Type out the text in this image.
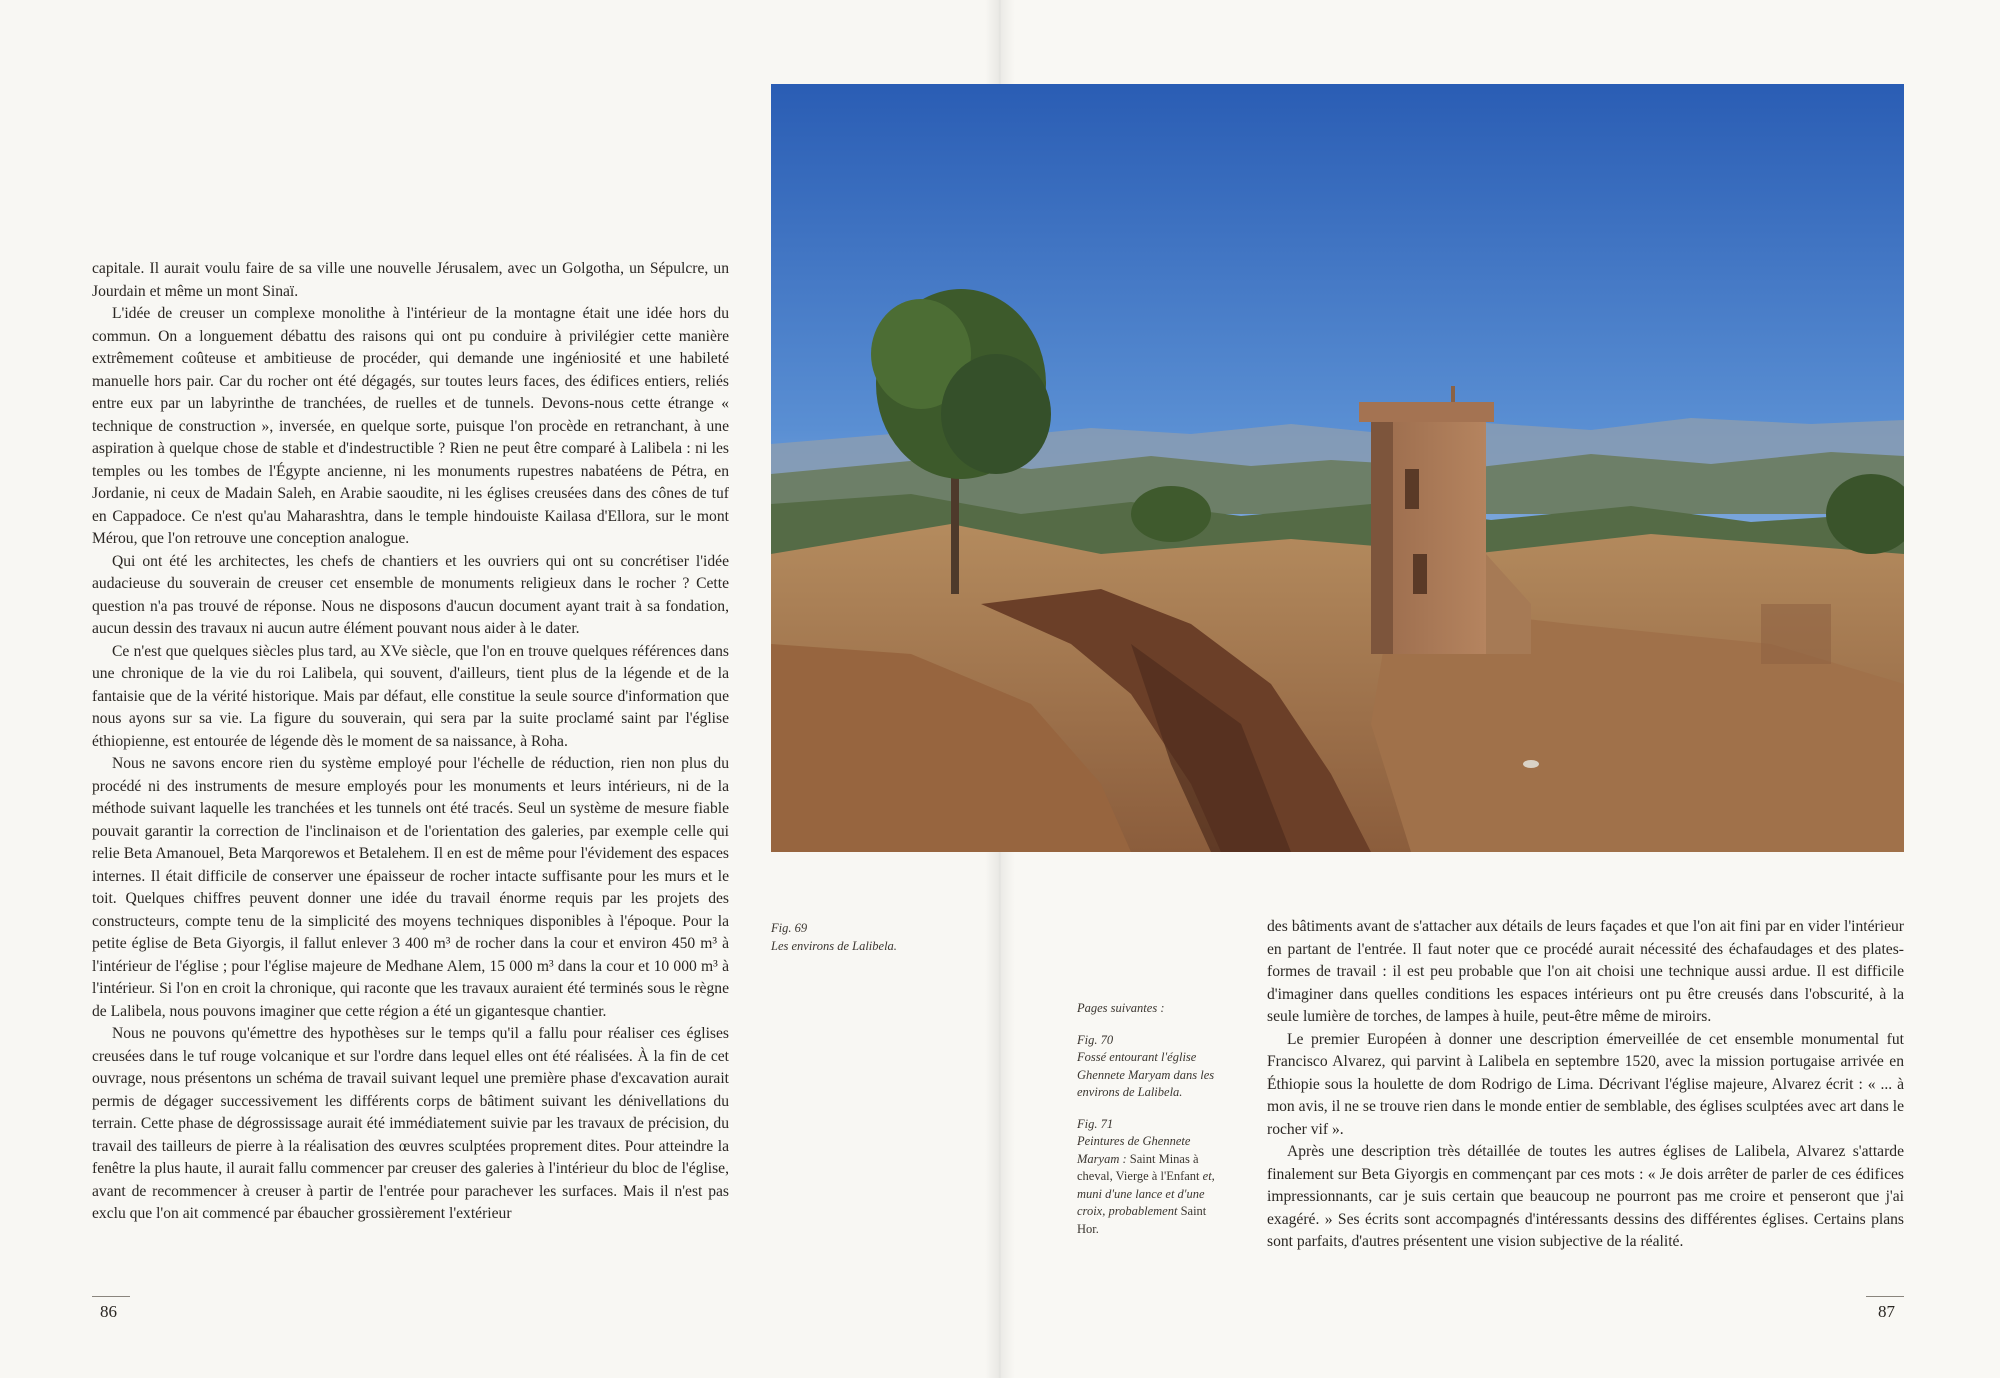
capitale. Il aurait voulu faire de sa ville une nouvelle Jérusalem, avec un Golgotha, un Sépulcre, un Jourdain et même un mont Sinaï.

L'idée de creuser un complexe monolithe à l'intérieur de la montagne était une idée hors du commun. On a longuement débattu des raisons qui ont pu conduire à privilégier cette manière extrêmement coûteuse et ambitieuse de procéder, qui demande une ingéniosité et une habileté manuelle hors pair. Car du rocher ont été dégagés, sur toutes leurs faces, des édifices entiers, reliés entre eux par un labyrinthe de tranchées, de ruelles et de tunnels. Devons-nous cette étrange « technique de construction », inversée, en quelque sorte, puisque l'on procède en retranchant, à une aspiration à quelque chose de stable et d'indestructible ? Rien ne peut être comparé à Lalibela : ni les temples ou les tombes de l'Égypte ancienne, ni les monuments rupestres nabatéens de Pétra, en Jordanie, ni ceux de Madain Saleh, en Arabie saoudite, ni les églises creusées dans des cônes de tuf en Cappadoce. Ce n'est qu'au Maharashtra, dans le temple hindouiste Kailasa d'Ellora, sur le mont Mérou, que l'on retrouve une conception analogue.

Qui ont été les architectes, les chefs de chantiers et les ouvriers qui ont su concrétiser l'idée audacieuse du souverain de creuser cet ensemble de monuments religieux dans le rocher ? Cette question n'a pas trouvé de réponse. Nous ne disposons d'aucun document ayant trait à sa fondation, aucun dessin des travaux ni aucun autre élément pouvant nous aider à le dater.

Ce n'est que quelques siècles plus tard, au XVe siècle, que l'on en trouve quelques références dans une chronique de la vie du roi Lalibela, qui souvent, d'ailleurs, tient plus de la légende et de la fantaisie que de la vérité historique. Mais par défaut, elle constitue la seule source d'information que nous ayons sur sa vie. La figure du souverain, qui sera par la suite proclamé saint par l'église éthiopienne, est entourée de légende dès le moment de sa naissance, à Roha.

Nous ne savons encore rien du système employé pour l'échelle de réduction, rien non plus du procédé ni des instruments de mesure employés pour les monuments et leurs intérieurs, ni de la méthode suivant laquelle les tranchées et les tunnels ont été tracés. Seul un système de mesure fiable pouvait garantir la correction de l'inclinaison et de l'orientation des galeries, par exemple celle qui relie Beta Amanouel, Beta Marqorewos et Betalehem. Il en est de même pour l'évidement des espaces internes. Il était difficile de conserver une épaisseur de rocher intacte suffisante pour les murs et le toit. Quelques chiffres peuvent donner une idée du travail énorme requis par les projets des constructeurs, compte tenu de la simplicité des moyens techniques disponibles à l'époque. Pour la petite église de Beta Giyorgis, il fallut enlever 3 400 m³ de rocher dans la cour et environ 450 m³ à l'intérieur de l'église ; pour l'église majeure de Medhane Alem, 15 000 m³ dans la cour et 10 000 m³ à l'intérieur. Si l'on en croit la chronique, qui raconte que les travaux auraient été terminés sous le règne de Lalibela, nous pouvons imaginer que cette région a été un gigantesque chantier.

Nous ne pouvons qu'émettre des hypothèses sur le temps qu'il a fallu pour réaliser ces églises creusées dans le tuf rouge volcanique et sur l'ordre dans lequel elles ont été réalisées. À la fin de cet ouvrage, nous présentons un schéma de travail suivant lequel une première phase d'excavation aurait permis de dégager successivement les différents corps de bâtiment suivant les dénivellations du terrain. Cette phase de dégrossissage aurait été immédiatement suivie par les travaux de précision, du travail des tailleurs de pierre à la réalisation des œuvres sculptées proprement dites. Pour atteindre la fenêtre la plus haute, il aurait fallu commencer par creuser des galeries à l'intérieur du bloc de l'église, avant de recommencer à creuser à partir de l'entrée pour parachever les surfaces. Mais il n'est pas exclu que l'on ait commencé par ébaucher grossièrement l'extérieur

86	87
Fig. 69
Les environs de Lalibela.
Pages suivantes :
Fig. 70
Fossé entourant l'église Ghennete Maryam dans les environs de Lalibela.
Fig. 71
Peintures de Ghennete Maryam : Saint Minas à cheval, Vierge à l'Enfant et, muni d'une lance et d'une croix, probablement Saint Hor.

des bâtiments avant de s'attacher aux détails de leurs façades et que l'on ait fini par en vider l'intérieur en partant de l'entrée. Il faut noter que ce procédé aurait nécessité des échafaudages et des plates-formes de travail : il est peu probable que l'on ait choisi une technique aussi ardue. Il est difficile d'imaginer dans quelles conditions les espaces intérieurs ont pu être creusés dans l'obscurité, à la seule lumière de torches, de lampes à huile, peut-être même de miroirs.

Le premier Européen à donner une description émerveillée de cet ensemble monumental fut Francisco Alvarez, qui parvint à Lalibela en septembre 1520, avec la mission portugaise arrivée en Éthiopie sous la houlette de dom Rodrigo de Lima. Décrivant l'église majeure, Alvarez écrit : « ... à mon avis, il ne se trouve rien dans le monde entier de semblable, des églises sculptées avec art dans le rocher vif ».

Après une description très détaillée de toutes les autres églises de Lalibela, Alvarez s'attarde finalement sur Beta Giyorgis en commençant par ces mots : « Je dois arrêter de parler de ces édifices impressionnants, car je suis certain que beaucoup ne pourront pas me croire et penseront que j'ai exagéré. » Ses écrits sont accompagnés d'intéressants dessins des différentes églises. Certains plans sont parfaits, d'autres présentent une vision subjective de la réalité.
